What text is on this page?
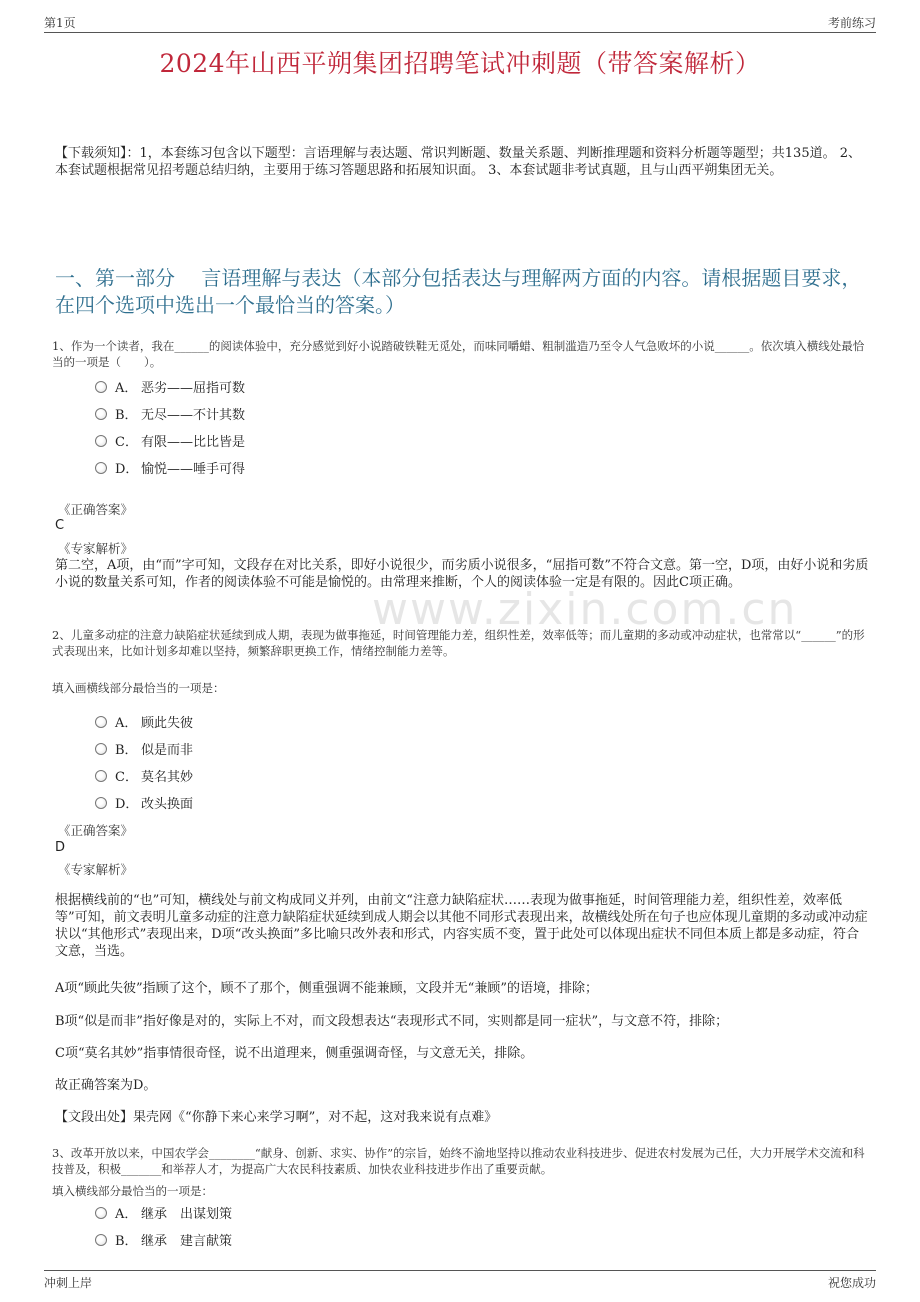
第1页	考前练习
2024年山西平朔集团招聘笔试冲刺题（带答案解析）
【下载须知】：1，本套练习包含以下题型：言语理解与表达题、常识判断题、数量关系题、判断推理题和资料分析题等题型；共135道。 2、本套试题根据常见招考题总结归纳，主要用于练习答题思路和拓展知识面。 3、本套试题非考试真题，且与山西平朔集团无关。
一、第一部分　 言语理解与表达（本部分包括表达与理解两方面的内容。请根据题目要求，在四个选项中选出一个最恰当的答案。）
www.zixin.com.cn
1、作为一个读者，我在______的阅读体验中，充分感觉到好小说踏破铁鞋无觅处，而味同嚼蜡、粗制滥造乃至令人气急败坏的小说______。依次填入横线处最恰当的一项是（　　）。
A． 恶劣——屈指可数
B． 无尽——不计其数
C． 有限——比比皆是
D． 愉悦——唾手可得
《正确答案》
C
《专家解析》
第二空，A项，由“而”字可知，文段存在对比关系，即好小说很少，而劣质小说很多，“屈指可数”不符合文意。第一空，D项，由好小说和劣质小说的数量关系可知，作者的阅读体验不可能是愉悦的。由常理来推断，个人的阅读体验一定是有限的。因此C项正确。
2、儿童多动症的注意力缺陷症状延续到成人期，表现为做事拖延，时间管理能力差，组织性差，效率低等；而儿童期的多动或冲动症状，也常常以“______”的形式表现出来，比如计划多却难以坚持，频繁辞职更换工作，情绪控制能力差等。
填入画横线部分最恰当的一项是：
A． 顾此失彼
B． 似是而非
C． 莫名其妙
D． 改头换面
《正确答案》
D
《专家解析》
根据横线前的“也”可知，横线处与前文构成同义并列，由前文“注意力缺陷症状……表现为做事拖延，时间管理能力差，组织性差，效率低等”可知，前文表明儿童多动症的注意力缺陷症状延续到成人期会以其他不同形式表现出来，故横线处所在句子也应体现儿童期的多动或冲动症状以“其他形式”表现出来，D项“改头换面”多比喻只改外表和形式，内容实质不变，置于此处可以体现出症状不同但本质上都是多动症，符合文意，当选。
A项“顾此失彼”指顾了这个，顾不了那个，侧重强调不能兼顾，文段并无“兼顾”的语境，排除；
B项“似是而非”指好像是对的，实际上不对，而文段想表达“表现形式不同，实则都是同一症状”，与文意不符，排除；
C项“莫名其妙”指事情很奇怪，说不出道理来，侧重强调奇怪，与文意无关，排除。
故正确答案为D。
【文段出处】果壳网《“你静下来心来学习啊”，对不起，这对我来说有点难》
3、改革开放以来，中国农学会________“献身、创新、求实、协作”的宗旨，始终不渝地坚持以推动农业科技进步、促进农村发展为己任，大力开展学术交流和科技普及，积极_______和举荐人才，为提高广大农民科技素质、加快农业科技进步作出了重要贡献。
填入横线部分最恰当的一项是：
A． 继承　出谋划策
B． 继承　建言献策
冲刺上岸	祝您成功
